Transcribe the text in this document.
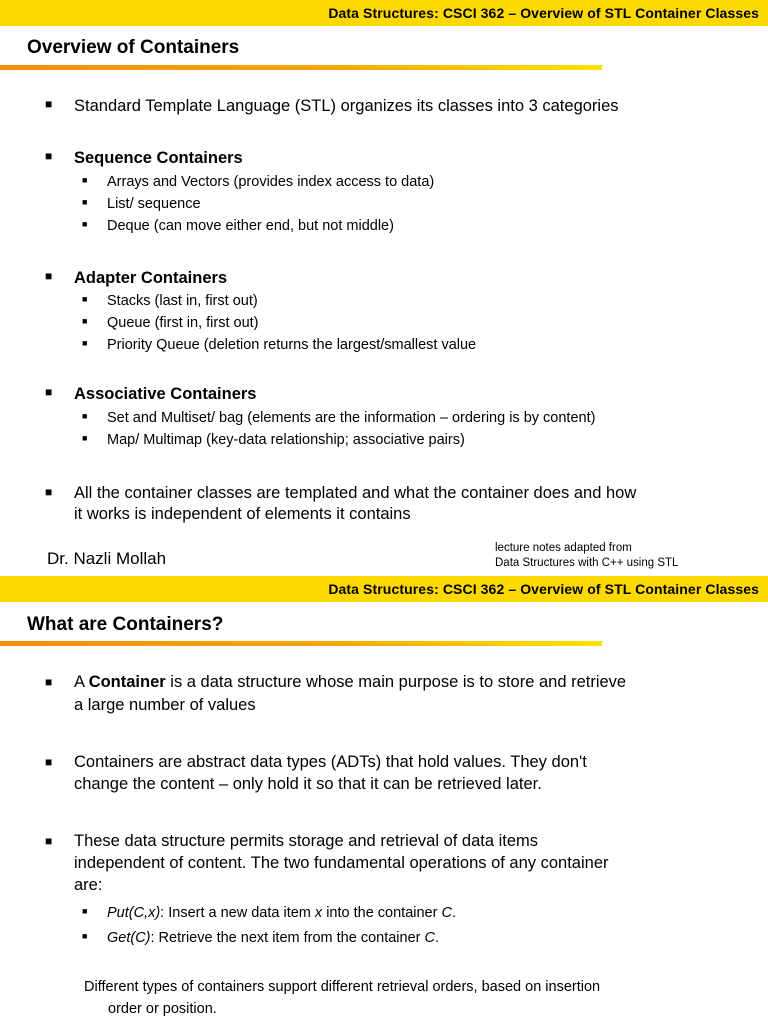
Data Structures: CSCI 362 – Overview of STL Container Classes
Overview of Containers
■ Standard Template Language (STL) organizes its classes into 3 categories
■ Sequence Containers
■ Arrays and Vectors (provides index access to data)
■ List/ sequence
■ Deque (can move either end, but not middle)
■ Adapter Containers
■ Stacks (last in, first out)
■ Queue (first in, first out)
■ Priority Queue (deletion returns the largest/smallest value
■ Associative Containers
■ Set and Multiset/ bag (elements are the information – ordering is by content)
■ Map/ Multimap (key-data relationship; associative pairs)
■ All the container classes are templated and what the container does and how
it works is independent of elements it contains
Dr. Nazli Mollah
lecture notes adapted from
Data Structures with C++ using STL
Data Structures: CSCI 362 – Overview of STL Container Classes
What are Containers?
■ A Container is a data structure whose main purpose is to store and retrieve
a large number of values
■ Containers are abstract data types (ADTs) that hold values. They don't
change the content – only hold it so that it can be retrieved later.
■ These data structure permits storage and retrieval of data items
independent of content. The two fundamental operations of any container
are:
■ Put(C,x): Insert a new data item x into the container C.
■ Get(C): Retrieve the next item from the container C.
Different types of containers support different retrieval orders, based on insertion
order or position.
